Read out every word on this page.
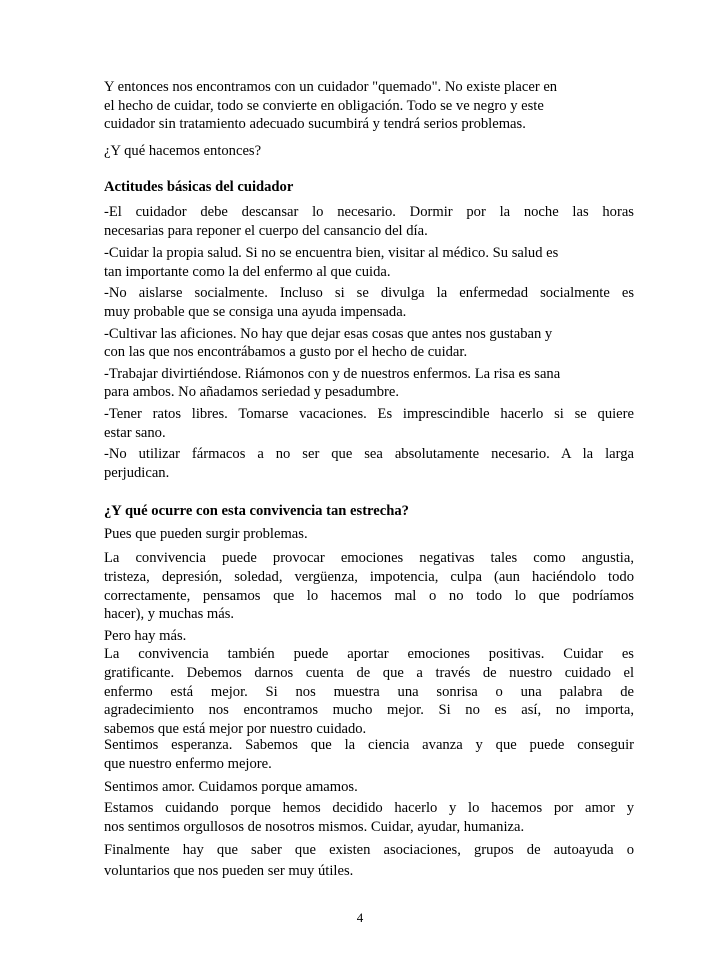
Y entonces nos encontramos con un cuidador "quemado". No existe placer en
el hecho de cuidar, todo se convierte en obligación. Todo se ve negro y este
cuidador sin tratamiento adecuado sucumbirá y tendrá serios problemas.

¿Y qué hacemos entonces?

Actitudes básicas del cuidador

-El cuidador debe descansar lo necesario. Dormir por la noche las horas
necesarias para reponer el cuerpo del cansancio del día.

-Cuidar la propia salud. Si no se encuentra bien, visitar al médico. Su salud es
tan importante como la del enfermo al que cuida.

-No aislarse socialmente. Incluso si se divulga la enfermedad socialmente es
muy probable que se consiga una ayuda impensada.

-Cultivar las aficiones. No hay que dejar esas cosas que antes nos gustaban y
con las que nos encontrábamos a gusto por el hecho de cuidar.

-Trabajar divirtiéndose. Riámonos con y de nuestros enfermos. La risa es sana
para ambos. No añadamos seriedad y pesadumbre.

-Tener ratos libres. Tomarse vacaciones. Es imprescindible hacerlo si se quiere
estar sano.

-No utilizar fármacos a no ser que sea absolutamente necesario. A la larga
perjudican.

¿Y qué ocurre con esta convivencia tan estrecha?

Pues que pueden surgir problemas.

La convivencia puede provocar emociones negativas tales como angustia,
tristeza, depresión, soledad, vergüenza, impotencia, culpa (aun haciéndolo todo
correctamente, pensamos que lo hacemos mal o no todo lo que podríamos
hacer), y muchas más.

Pero hay más.

La convivencia también puede aportar emociones positivas. Cuidar es
gratificante. Debemos darnos cuenta de que a través de nuestro cuidado el
enfermo está mejor. Si nos muestra una sonrisa o una palabra de
agradecimiento nos encontramos mucho mejor. Si no es así, no importa,
sabemos que está mejor por nuestro cuidado.

Sentimos esperanza. Sabemos que la ciencia avanza y que puede conseguir
que nuestro enfermo mejore.

Sentimos amor. Cuidamos porque amamos.

Estamos cuidando porque hemos decidido hacerlo y lo hacemos por amor y
nos sentimos orgullosos de nosotros mismos. Cuidar, ayudar, humaniza.

Finalmente hay que saber que existen asociaciones, grupos de autoayuda o
voluntarios que nos pueden ser muy útiles.

4
